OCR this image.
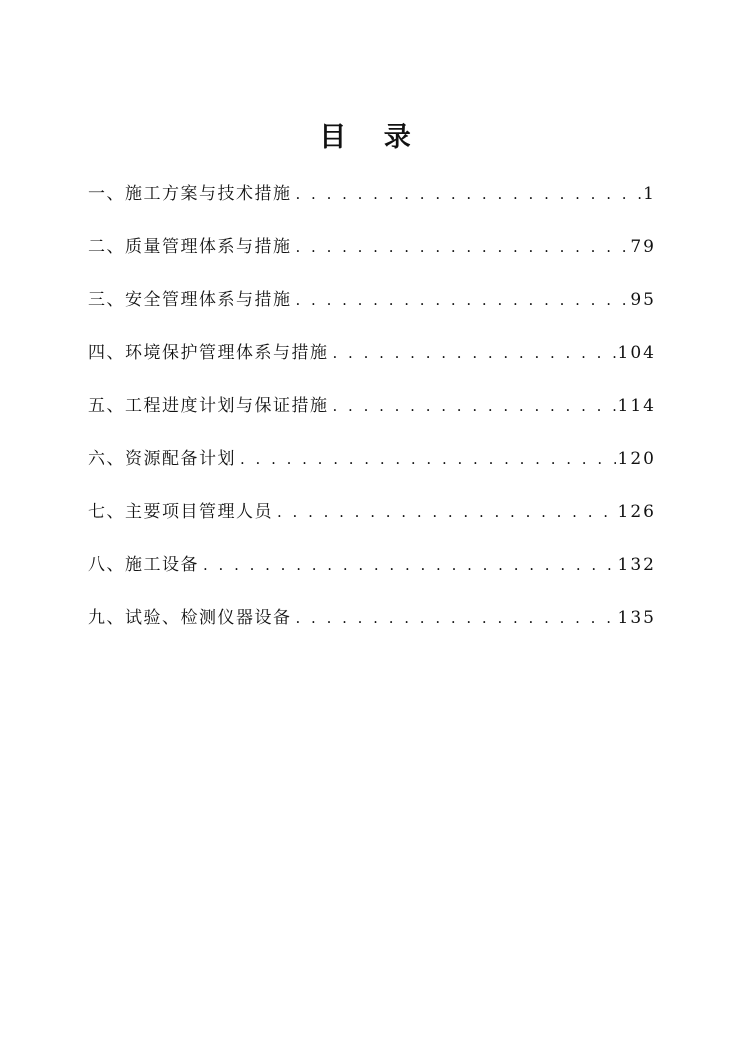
目 录
一、施工方案与技术措施 . . .	1
二、质量管理体系与措施 . . .	79
三、安全管理体系与措施 . . .	95
四、环境保护管理体系与措施 . . .	104
五、工程进度计划与保证措施 . . .	114
六、资源配备计划 . . .	120
七、主要项目管理人员 . . .	126
八、施工设备 . . .	132
九、试验、检测仪器设备 . . .	135
